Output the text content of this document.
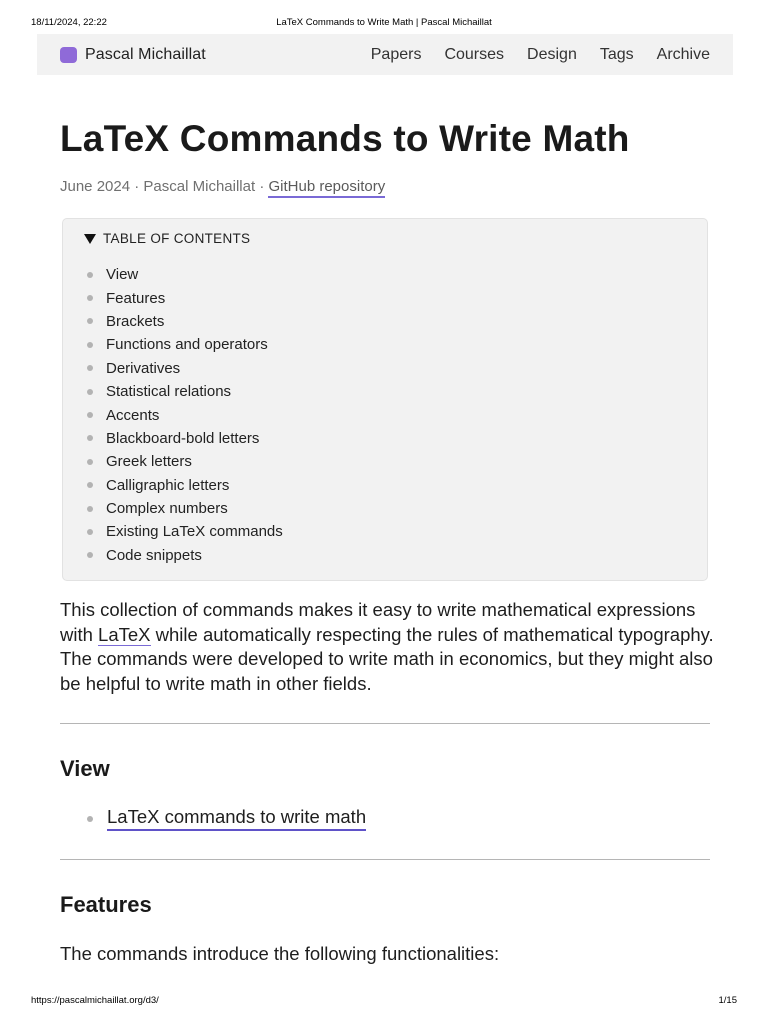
18/11/2024, 22:22	LaTeX Commands to Write Math | Pascal Michaillat
Pascal Michaillat	Papers Courses Design Tags Archive
LaTeX Commands to Write Math
June 2024 · Pascal Michaillat · GitHub repository
TABLE OF CONTENTS
View
Features
Brackets
Functions and operators
Derivatives
Statistical relations
Accents
Blackboard-bold letters
Greek letters
Calligraphic letters
Complex numbers
Existing LaTeX commands
Code snippets

This collection of commands makes it easy to write mathematical expressions with LaTeX while automatically respecting the rules of mathematical typography. The commands were developed to write math in economics, but they might also be helpful to write math in other fields.

View
LaTeX commands to write math
Features

The commands introduce the following functionalities:

https://pascalmichaillat.org/d3/	1/15
